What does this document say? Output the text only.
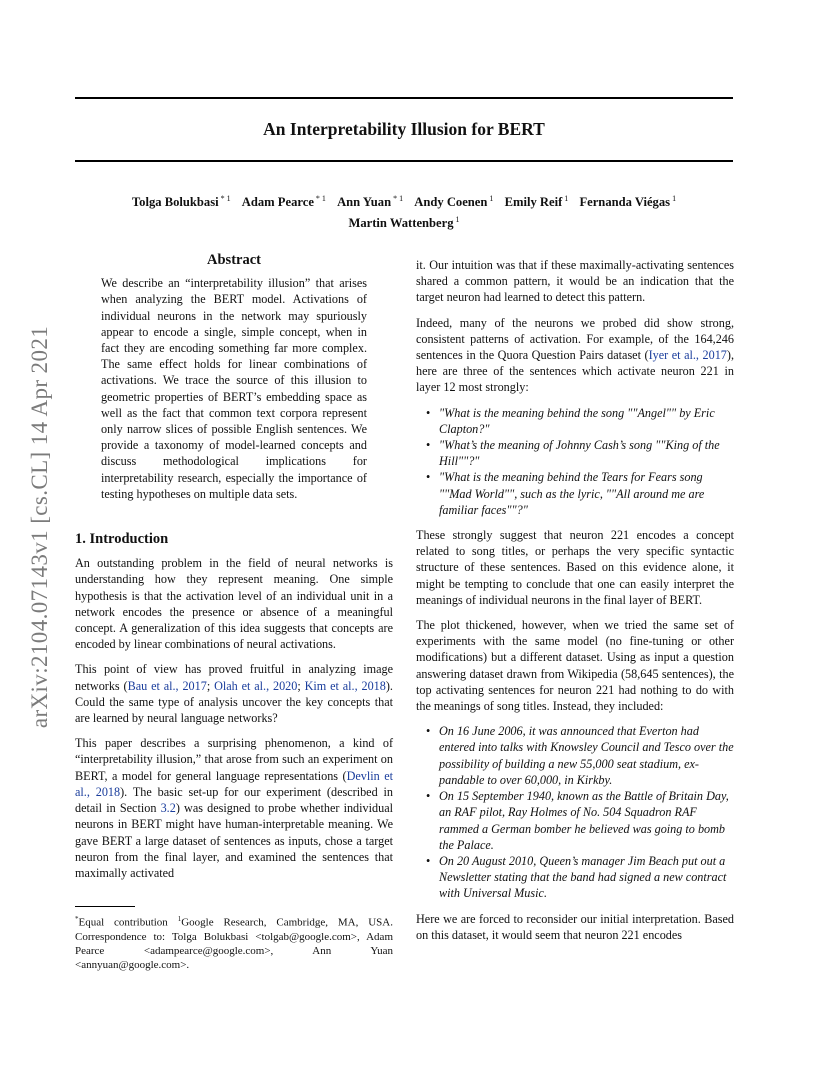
arXiv:2104.07143v1 [cs.CL] 14 Apr 2021
An Interpretability Illusion for BERT
Tolga Bolukbasi $^{* 1}$ Adam Pearce $^{* 1}$ Ann Yuan $^{* 1}$ Andy Coenen $^1$ Emily Reif $^1$ Fernanda Viégas $^1$
Martin Wattenberg $^1$
Abstract

We describe an “interpretability illusion” that arises when analyzing the BERT model. Activations of individual neurons in the network may spuriously appear to encode a single, simple concept, when in fact they are encoding something far more complex. The same effect holds for linear combinations of activations. We trace the source of this illusion to geometric properties of BERT’s embedding space as well as the fact that common text corpora represent only narrow slices of possible English sentences. We provide a taxonomy of model-learned concepts and discuss methodological implications for interpretability research, especially the importance of testing hypotheses on multiple data sets.

1. Introduction

An outstanding problem in the field of neural networks is understanding how they represent meaning. One simple hypothesis is that the activation level of an individual unit in a network encodes the presence or absence of a meaningful concept. A generalization of this idea suggests that concepts are encoded by linear combinations of neural activations.

This point of view has proved fruitful in analyzing image networks (Bau et al., 2017; Olah et al., 2020; Kim et al., 2018). Could the same type of analysis uncover the key concepts that are learned by neural language networks?

This paper describes a surprising phenomenon, a kind of “interpretability illusion,” that arose from such an experiment on BERT, a model for general language representations (Devlin et al., 2018). The basic set-up for our experiment (described in detail in Section 3.2) was designed to probe whether individual neurons in BERT might have human-interpretable meaning. We gave BERT a large dataset of sentences as inputs, chose a target neuron from the final layer, and examined the sentences that maximally activated

*Equal contribution $^1$Google Research, Cambridge, MA, USA. Correspondence to: Tolga Bolukbasi <tolgab@google.com>, Adam Pearce <adampearce@google.com>, Ann Yuan <annyuan@google.com>.

it. Our intuition was that if these maximally-activating sentences shared a common pattern, it would be an indication that the target neuron had learned to detect this pattern.

Indeed, many of the neurons we probed did show strong, consistent patterns of activation. For example, of the 164,246 sentences in the Quora Question Pairs dataset (Iyer et al., 2017), here are three of the sentences which activate neuron 221 in layer 12 most strongly:

• "What is the meaning behind the song ""Angel"" by Eric Clapton?"
• "What’s the meaning of Johnny Cash’s song ""King of the Hill""?"
• "What is the meaning behind the Tears for Fears song ""Mad World"", such as the lyric, ""All around me are familiar faces""?"

These strongly suggest that neuron 221 encodes a concept related to song titles, or perhaps the very specific syntactic structure of these sentences. Based on this evidence alone, it might be tempting to conclude that one can easily interpret the meanings of individual neurons in the final layer of BERT.

The plot thickened, however, when we tried the same set of experiments with the same model (no fine-tuning or other modifications) but a different dataset. Using as input a question answering dataset drawn from Wikipedia (58,645 sentences), the top activating sentences for neuron 221 had nothing to do with the meanings of song titles. Instead, they included:

• On 16 June 2006, it was announced that Everton had entered into talks with Knowsley Council and Tesco over the possibility of building a new 55,000 seat stadium, ex-pandable to over 60,000, in Kirkby.
• On 15 September 1940, known as the Battle of Britain Day, an RAF pilot, Ray Holmes of No. 504 Squadron RAF rammed a German bomber he believed was going to bomb the Palace.
• On 20 August 2010, Queen’s manager Jim Beach put out a Newsletter stating that the band had signed a new contract with Universal Music.

Here we are forced to reconsider our initial interpretation. Based on this dataset, it would seem that neuron 221 encodes
